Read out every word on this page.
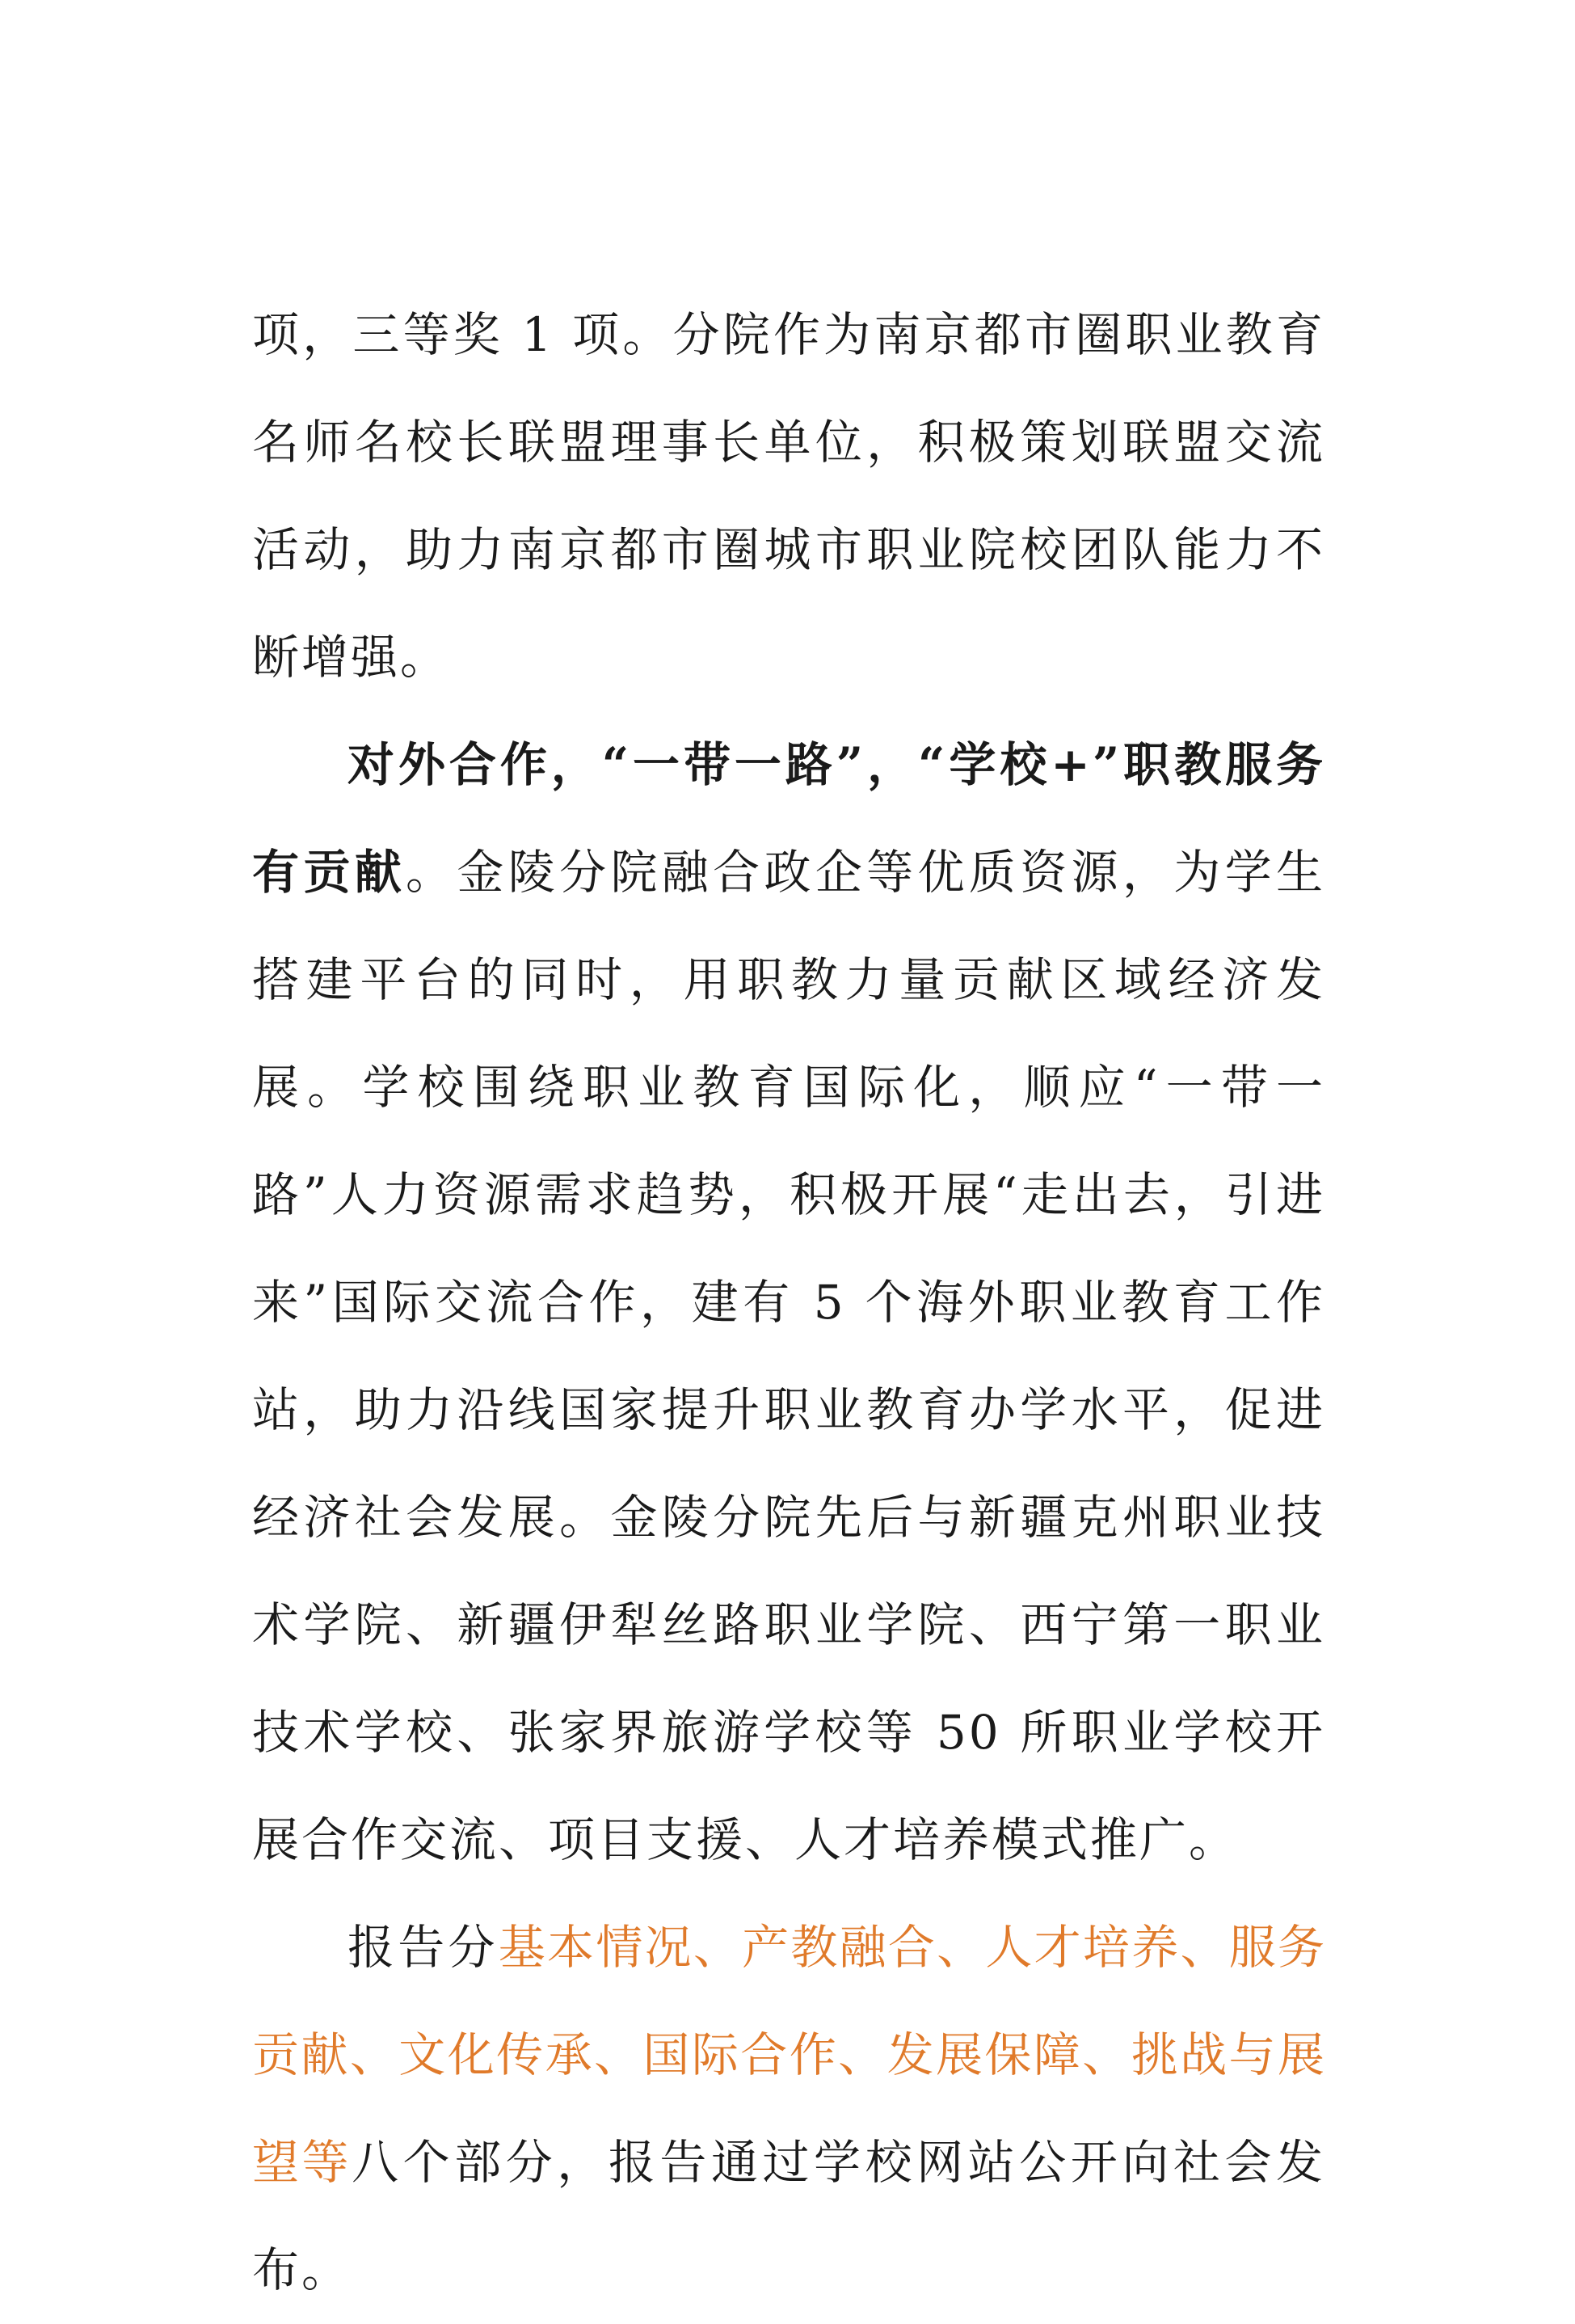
项，三等奖 1 项。分院作为南京都市圈职业教育名师名校长联盟理事长单位，积极策划联盟交流活动，助力南京都市圈城市职业院校团队能力不断增强。

对外合作，“一带一路”，“学校+”职教服务有贡献。金陵分院融合政企等优质资源，为学生搭建平台的同时，用职教力量贡献区域经济发展。学校围绕职业教育国际化，顺应“一带一路”人力资源需求趋势，积极开展“走出去，引进来”国际交流合作，建有 5 个海外职业教育工作站，助力沿线国家提升职业教育办学水平，促进经济社会发展。金陵分院先后与新疆克州职业技术学院、新疆伊犁丝路职业学院、西宁第一职业技术学校、张家界旅游学校等 50 所职业学校开展合作交流、项目支援、人才培养模式推广。

报告分基本情况、产教融合、人才培养、服务贡献、文化传承、国际合作、发展保障、挑战与展望等八个部分，报告通过学校网站公开向社会发布。
